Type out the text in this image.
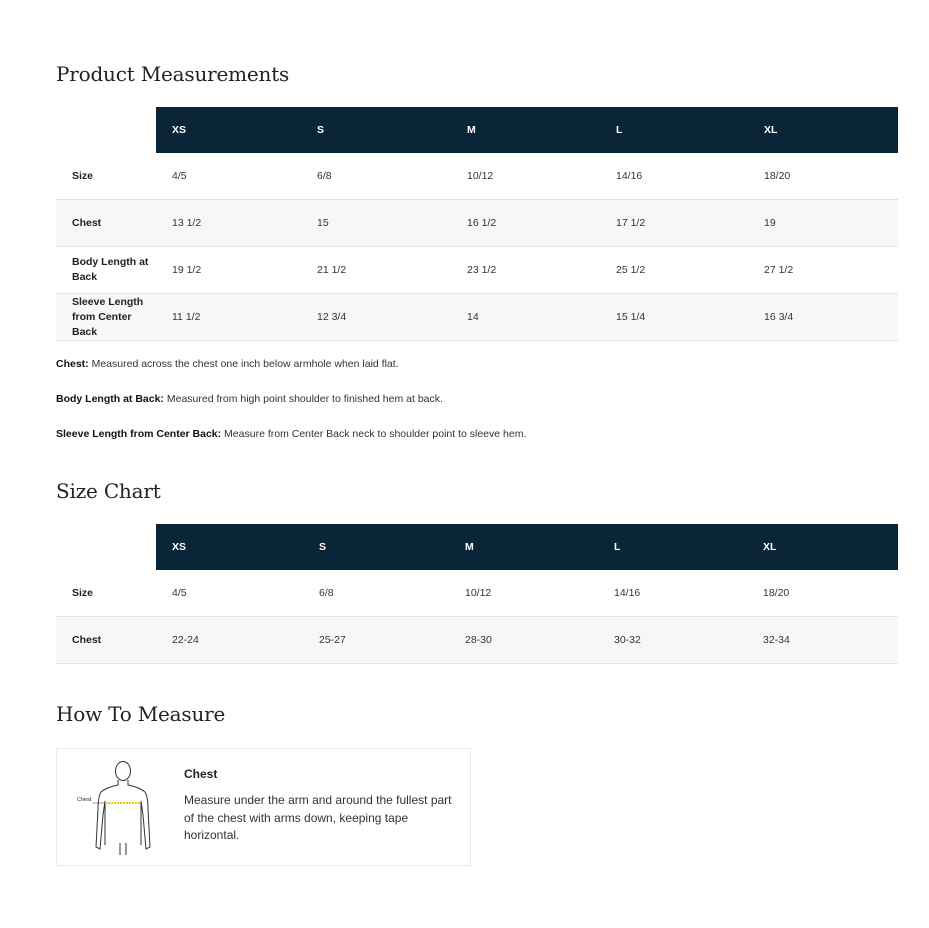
Product Measurements
	XS	S	M	L	XL
Size	4/5	6/8	10/12	14/16	18/20
Chest	13 1/2	15	16 1/2	17 1/2	19
Body Length at Back	19 1/2	21 1/2	23 1/2	25 1/2	27 1/2
Sleeve Length from Center Back	11 1/2	12 3/4	14	15 1/4	16 3/4

Chest: Measured across the chest one inch below armhole when laid flat.

Body Length at Back: Measured from high point shoulder to finished hem at back.

Sleeve Length from Center Back: Measure from Center Back neck to shoulder point to sleeve hem.

Size Chart
	XS	S	M	L	XL
Size	4/5	6/8	10/12	14/16	18/20
Chest	22-24	25-27	28-30	30-32	32-34
How To Measure
Chest
Chest

Measure under the arm and around the fullest part of the chest with arms down, keeping tape horizontal.
